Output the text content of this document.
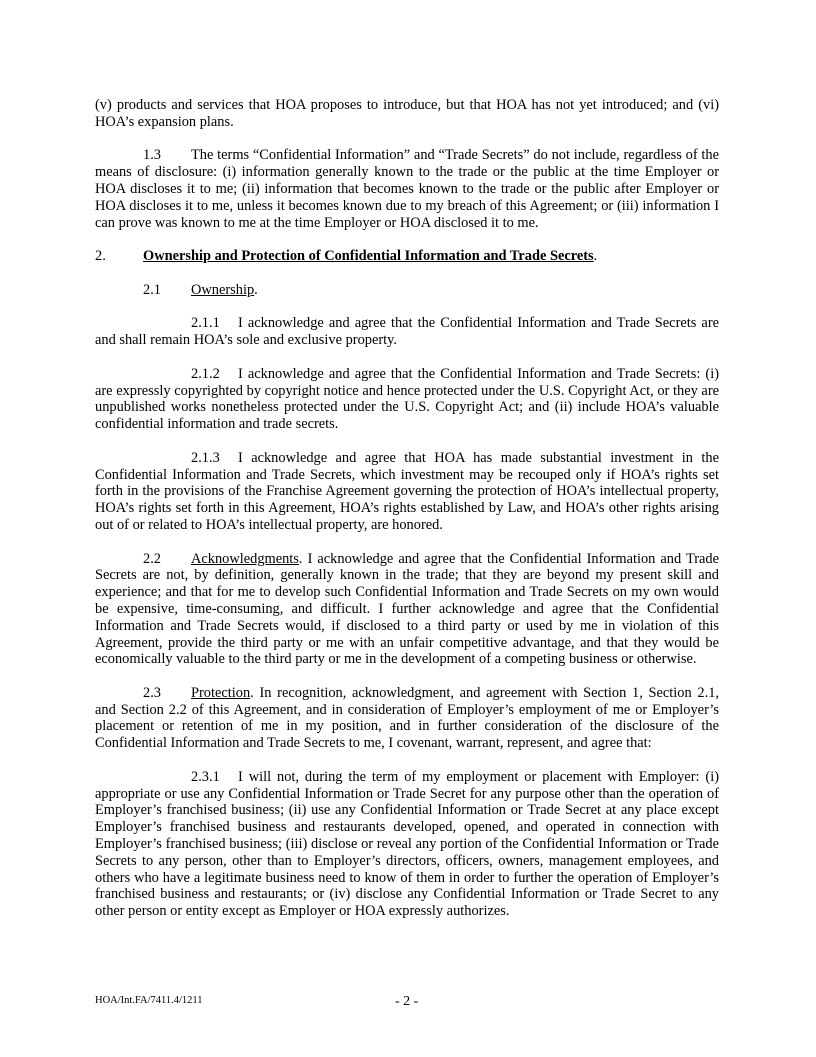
(v) products and services that HOA proposes to introduce, but that HOA has not yet introduced; and (vi) HOA’s expansion plans.

1.3 The terms “Confidential Information” and “Trade Secrets” do not include, regardless of the means of disclosure: (i) information generally known to the trade or the public at the time Employer or HOA discloses it to me; (ii) information that becomes known to the trade or the public after Employer or HOA discloses it to me, unless it becomes known due to my breach of this Agreement; or (iii) information I can prove was known to me at the time Employer or HOA disclosed it to me.

2.	Ownership and Protection of Confidential Information and Trade Secrets.

2.1 Ownership.

2.1.1 I acknowledge and agree that the Confidential Information and Trade Secrets are and shall remain HOA’s sole and exclusive property.

2.1.2 I acknowledge and agree that the Confidential Information and Trade Secrets: (i) are expressly copyrighted by copyright notice and hence protected under the U.S. Copyright Act, or they are unpublished works nonetheless protected under the U.S. Copyright Act; and (ii) include HOA’s valuable confidential information and trade secrets.

2.1.3 I acknowledge and agree that HOA has made substantial investment in the Confidential Information and Trade Secrets, which investment may be recouped only if HOA’s rights set forth in the provisions of the Franchise Agreement governing the protection of HOA’s intellectual property, HOA’s rights set forth in this Agreement, HOA’s rights established by Law, and HOA’s other rights arising out of or related to HOA’s intellectual property, are honored.

2.2 Acknowledgments. I acknowledge and agree that the Confidential Information and Trade Secrets are not, by definition, generally known in the trade; that they are beyond my present skill and experience; and that for me to develop such Confidential Information and Trade Secrets on my own would be expensive, time-consuming, and difficult. I further acknowledge and agree that the Confidential Information and Trade Secrets would, if disclosed to a third party or used by me in violation of this Agreement, provide the third party or me with an unfair competitive advantage, and that they would be economically valuable to the third party or me in the development of a competing business or otherwise.

2.3 Protection. In recognition, acknowledgment, and agreement with Section 1, Section 2.1, and Section 2.2 of this Agreement, and in consideration of Employer’s employment of me or Employer’s placement or retention of me in my position, and in further consideration of the disclosure of the Confidential Information and Trade Secrets to me, I covenant, warrant, represent, and agree that:

2.3.1 I will not, during the term of my employment or placement with Employer: (i) appropriate or use any Confidential Information or Trade Secret for any purpose other than the operation of Employer’s franchised business; (ii) use any Confidential Information or Trade Secret at any place except Employer’s franchised business and restaurants developed, opened, and operated in connection with Employer’s franchised business; (iii) disclose or reveal any portion of the Confidential Information or Trade Secrets to any person, other than to Employer’s directors, officers, owners, management employees, and others who have a legitimate business need to know of them in order to further the operation of Employer’s franchised business and restaurants; or (iv) disclose any Confidential Information or Trade Secret to any other person or entity except as Employer or HOA expressly authorizes.

HOA/Int.FA/7411.4/1211	- 2 -
